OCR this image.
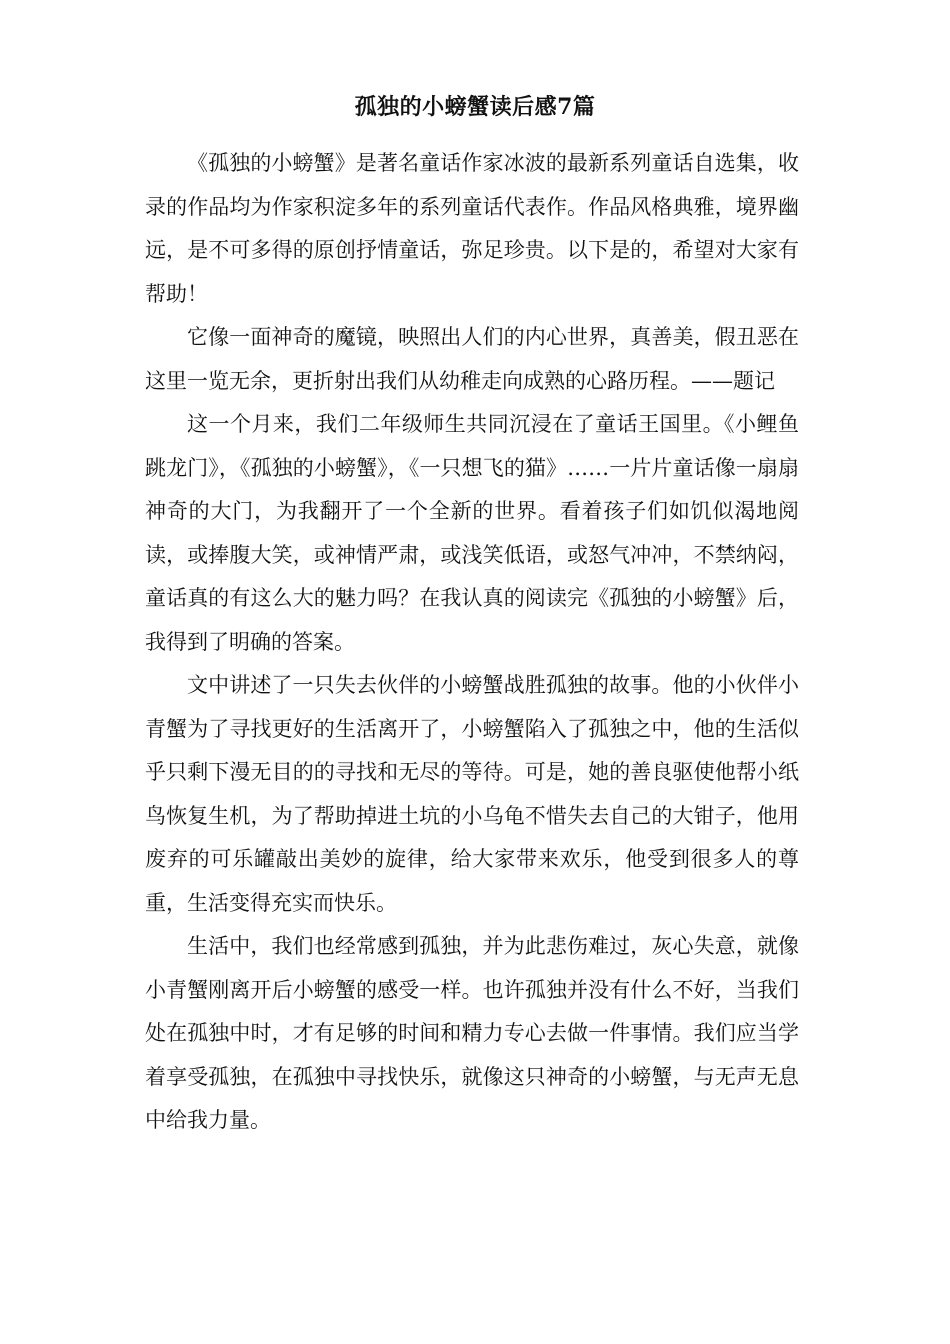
孤独的小螃蟹读后感7篇

《孤独的小螃蟹》是著名童话作家冰波的最新系列童话自选集，收录的作品均为作家积淀多年的系列童话代表作。作品风格典雅，境界幽远，是不可多得的原创抒情童话，弥足珍贵。以下是的，希望对大家有帮助！

它像一面神奇的魔镜，映照出人们的内心世界，真善美，假丑恶在这里一览无余，更折射出我们从幼稚走向成熟的心路历程。——题记

这一个月来，我们二年级师生共同沉浸在了童话王国里。《小鲤鱼跳龙门》，《孤独的小螃蟹》，《一只想飞的猫》……一片片童话像一扇扇神奇的大门，为我翻开了一个全新的世界。看着孩子们如饥似渴地阅读，或捧腹大笑，或神情严肃，或浅笑低语，或怒气冲冲，不禁纳闷，童话真的有这么大的魅力吗？在我认真的阅读完《孤独的小螃蟹》后，我得到了明确的答案。

文中讲述了一只失去伙伴的小螃蟹战胜孤独的故事。他的小伙伴小青蟹为了寻找更好的生活离开了，小螃蟹陷入了孤独之中，他的生活似乎只剩下漫无目的的寻找和无尽的等待。可是，她的善良驱使他帮小纸鸟恢复生机，为了帮助掉进土坑的小乌龟不惜失去自己的大钳子，他用废弃的可乐罐敲出美妙的旋律，给大家带来欢乐，他受到很多人的尊重，生活变得充实而快乐。

生活中，我们也经常感到孤独，并为此悲伤难过，灰心失意，就像小青蟹刚离开后小螃蟹的感受一样。也许孤独并没有什么不好，当我们处在孤独中时，才有足够的时间和精力专心去做一件事情。我们应当学着享受孤独，在孤独中寻找快乐，就像这只神奇的小螃蟹，与无声无息中给我力量。
